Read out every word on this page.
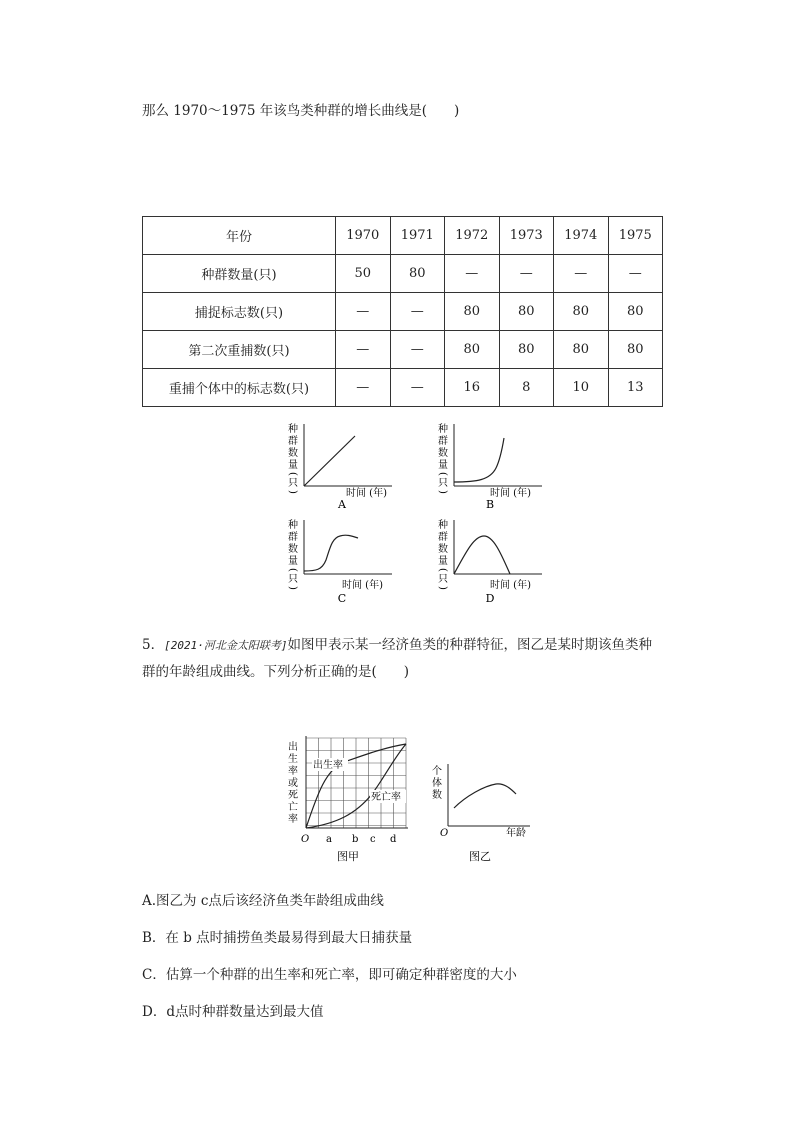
那么 1970～1975 年该鸟类种群的增长曲线是(　　)
年份	1970	1971	1972	1973	1974	1975
种群数量(只)	50	80	—	—	—	—
捕捉标志数(只)	—	—	80	80	80	80
第二次重捕数(只)	—	—	80	80	80	80
重捕个体中的标志数(只)	—	—	16	8	10	13
种
群
数
量
(
只
)	时间 (年)
A
种
群
数
量
(
只
)	时间 (年)
B
种
群
数
量
(
只
)	时间 (年)
C
种
群
数
量
(
只
)	时间 (年)
D
5．[2021·河北金太阳联考]如图甲表示某一经济鱼类的种群特征，图乙是某时期该鱼类种
群的年龄组成曲线。下列分析正确的是(　　)
出
生
率
或
死
亡
率
出生率
死亡率
O a b c d
图甲
个
体
数
O	年龄
图乙
A.图乙为 c点后该经济鱼类年龄组成曲线
B．在 b 点时捕捞鱼类最易得到最大日捕获量
C．估算一个种群的出生率和死亡率，即可确定种群密度的大小
D．d点时种群数量达到最大值
